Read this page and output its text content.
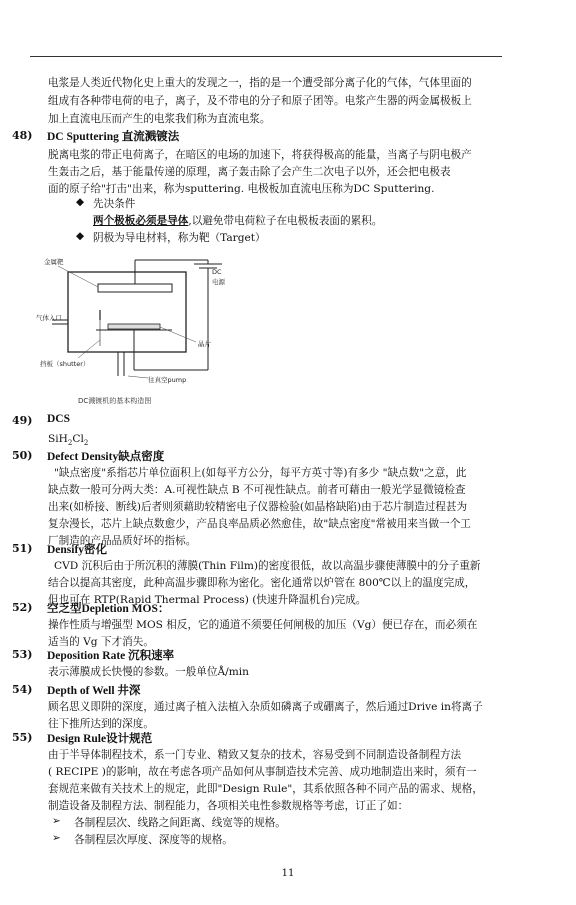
电浆是人类近代物化史上重大的发现之一，指的是一个遭受部分离子化的气体，气体里面的
组成有各种带电荷的电子，离子，及不带电的分子和原子团等。电浆产生器的两金属极板上
加上直流电压而产生的电浆我们称为直流电浆。
48) DC Sputtering 直流溅镀法
脱离电浆的带正电荷离子，在暗区的电场的加速下，将获得极高的能量，当离子与阴电极产
生轰击之后，基于能量传递的原理，离子轰击除了会产生二次电子以外，还会把电极表
面的原子给"打击"出来，称为sputtering. 电极板加直流电压称为DC Sputtering.
◆ 先决条件
两个极板必须是导体,以避免带电荷粒子在电极板表面的累积。
◆ 阴极为导电材料，称为靶（Target）
金属靶
DC
电源
气体入口
晶片
挡板（shutter）
往真空pump
DC溅镀机的基本构造图
49) DCS
$SiH_2Cl_2$
50) Defect Density缺点密度
"缺点密度"系指芯片单位面积上(如每平方公分，每平方英寸等)有多少 "缺点数"之意，此
缺点数一般可分两大类：A.可视性缺点 B 不可视性缺点。前者可藉由一般光学显微镜检查
出来(如桥接、断线)后者则须藉助较精密电子仪器检验(如晶格缺陷)由于芯片制造过程甚为
复杂漫长，芯片上缺点数愈少，产品良率品质必然愈佳，故"缺点密度"常被用来当做一个工
厂制造的产品品质好坏的指标。
51) Densify密化
CVD 沉积后由于所沉积的薄膜(Thin Film)的密度很低，故以高温步骤使薄膜中的分子重新
结合以提高其密度，此种高温步骤即称为密化。密化通常以炉管在 800℃以上的温度完成，
但也可在 RTP(Rapid Thermal Process) (快速升降温机台)完成。
52) 空乏型Depletion MOS：
操作性质与增强型 MOS 相反，它的通道不须要任何闸极的加压（Vg）便已存在，而必须在
适当的 Vg 下才消失。
53) Deposition Rate 沉积速率
表示薄膜成长快慢的参数。一般单位Å/min
54) Depth of Well 井深
顾名思义即阱的深度，通过离子植入法植入杂质如磷离子或硼离子，然后通过Drive in将离子
往下推所达到的深度。
55) Design Rule设计规范
由于半导体制程技术，系一门专业、精致又复杂的技术，容易受到不同制造设备制程方法
( RECIPE )的影响，故在考虑各项产品如何从事制造技术完善、成功地制造出来时，须有一
套规范来做有关技术上的规定，此即"Design Rule"，其系依照各种不同产品的需求、规格，
制造设备及制程方法、制程能力，各项相关电性参数规格等考虑，订正了如：
➢ 各制程层次、线路之间距离、线宽等的规格。
➢ 各制程层次厚度、深度等的规格。
11
